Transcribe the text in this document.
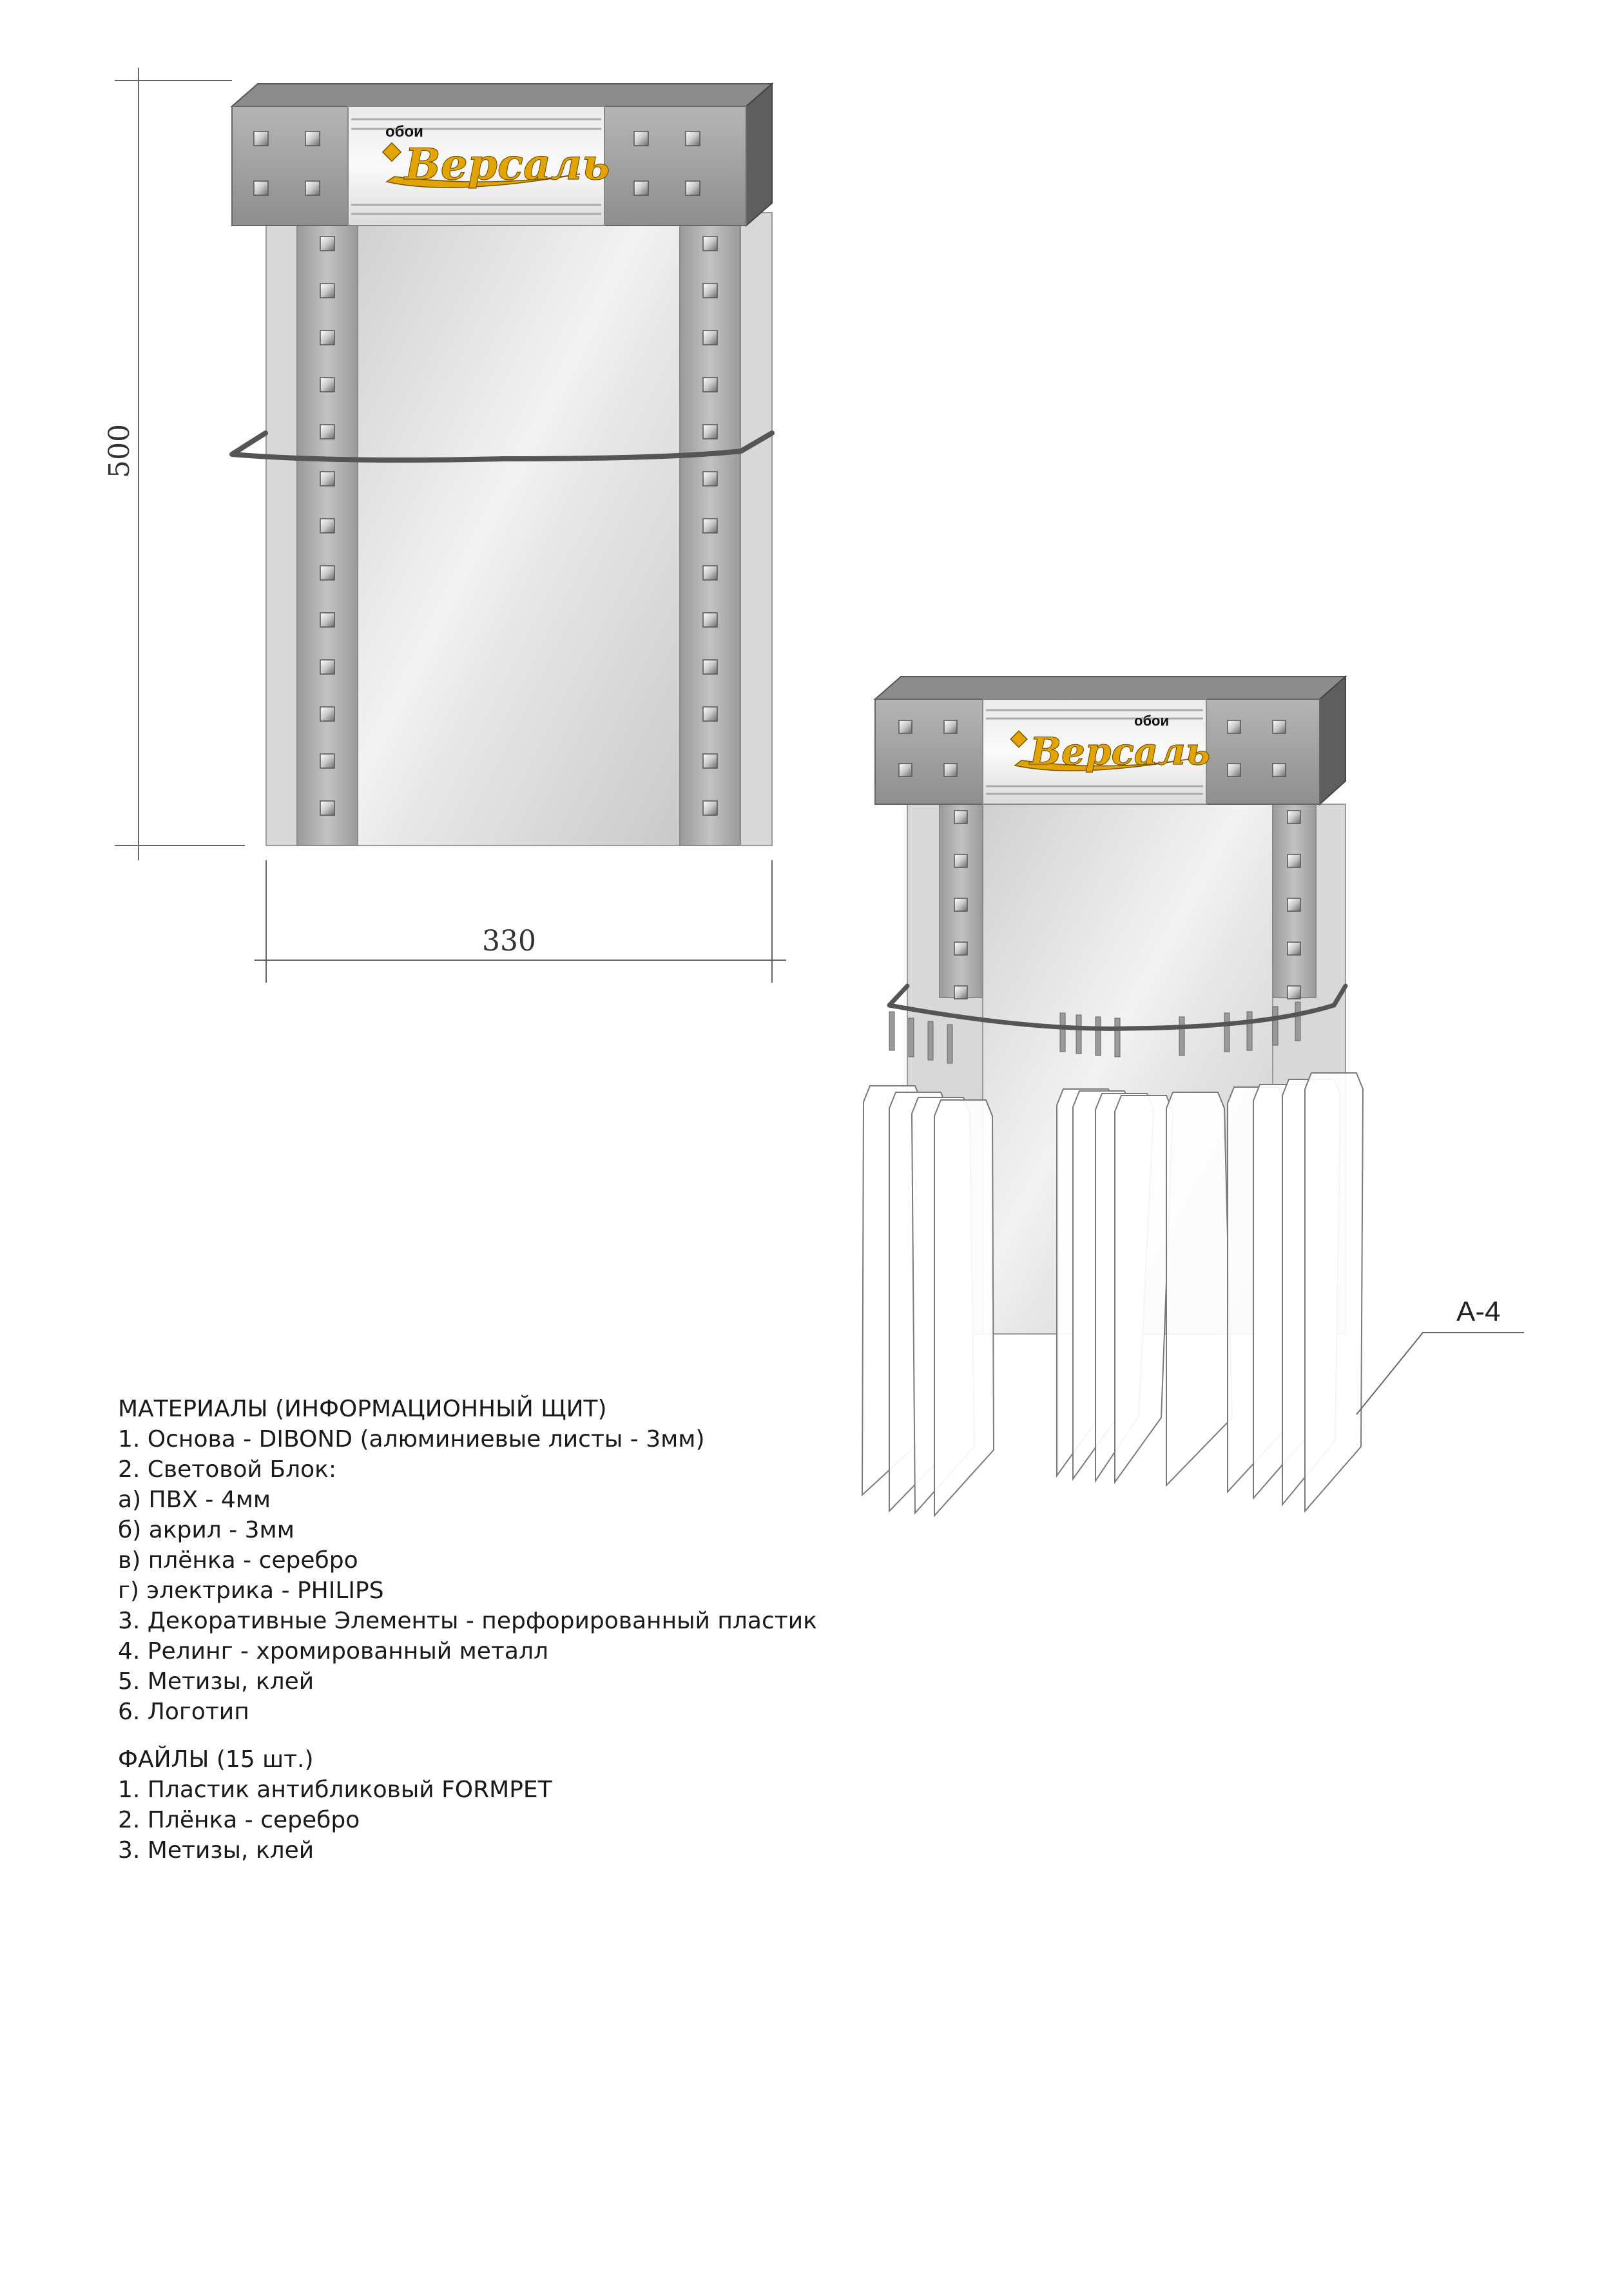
500
330
обои
Версаль
обои
Версаль
А-4
МАТЕРИАЛЫ (ИНФОРМАЦИОННЫЙ ЩИТ)
1. Основа - DIBOND (алюминиевые листы - 3мм)
2. Световой Блок:
а) ПВХ - 4мм
б) акрил - 3мм
в) плёнка - серебро
г) электрика - PHILIPS
3. Декоративные Элементы - перфорированный пластик
4. Релинг - хромированный металл
5. Метизы, клей
6. Логотип
ФАЙЛЫ (15 шт.)
1. Пластик антибликовый FORMPET
2. Плёнка - серебро
3. Метизы, клей
